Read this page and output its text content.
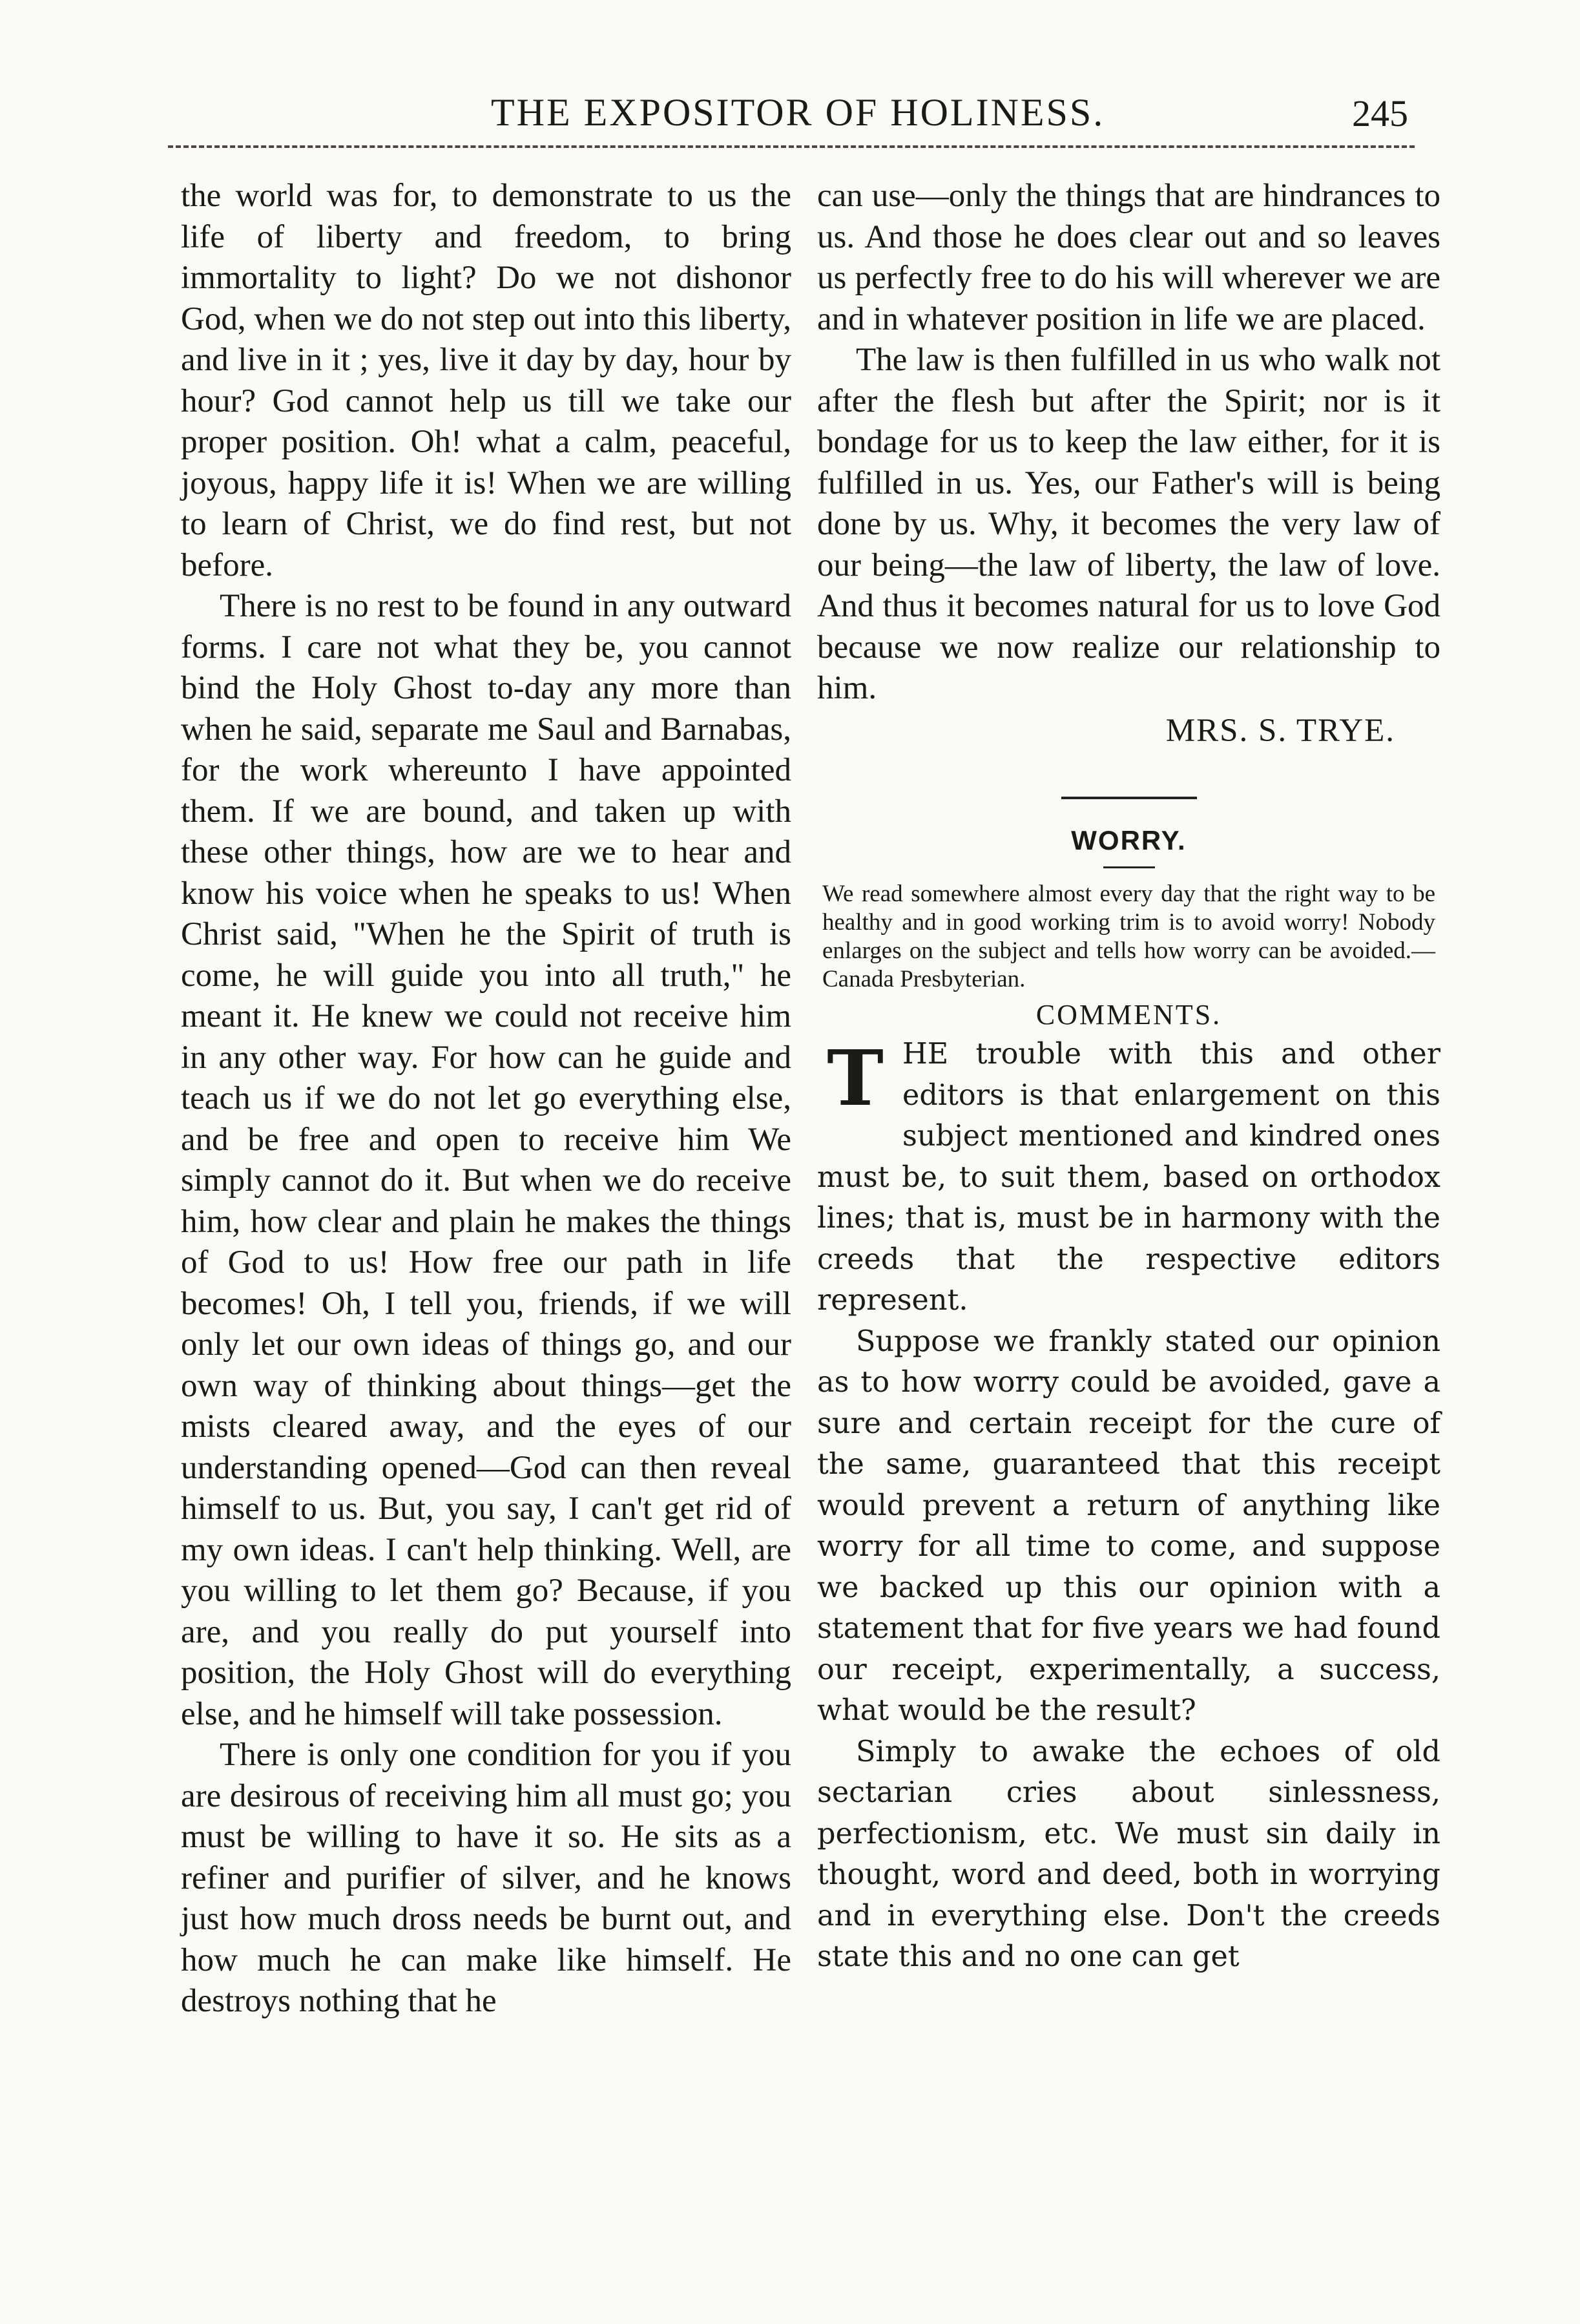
THE EXPOSITOR OF HOLINESS.	245

the world was for, to demonstrate to us the life of liberty and freedom, to bring immortality to light? Do we not dishonor God, when we do not step out into this liberty, and live in it ; yes, live it day by day, hour by hour? God cannot help us till we take our proper position. Oh! what a calm, peaceful, joyous, happy life it is! When we are willing to learn of Christ, we do find rest, but not before.

There is no rest to be found in any outward forms. I care not what they be, you cannot bind the Holy Ghost to-day any more than when he said, separate me Saul and Barnabas, for the work whereunto I have appointed them. If we are bound, and taken up with these other things, how are we to hear and know his voice when he speaks to us! When Christ said, "When he the Spirit of truth is come, he will guide you into all truth," he meant it. He knew we could not receive him in any other way. For how can he guide and teach us if we do not let go everything else, and be free and open to receive him We simply cannot do it. But when we do receive him, how clear and plain he makes the things of God to us! How free our path in life becomes! Oh, I tell you, friends, if we will only let our own ideas of things go, and our own way of thinking about things—get the mists cleared away, and the eyes of our understanding opened—God can then reveal himself to us. But, you say, I can't get rid of my own ideas. I can't help thinking. Well, are you willing to let them go? Because, if you are, and you really do put yourself into position, the Holy Ghost will do everything else, and he himself will take possession.

There is only one condition for you if you are desirous of receiving him all must go; you must be willing to have it so. He sits as a refiner and purifier of silver, and he knows just how much dross needs be burnt out, and how much he can make like himself. He destroys nothing that he

can use—only the things that are hindrances to us. And those he does clear out and so leaves us perfectly free to do his will wherever we are and in whatever position in life we are placed.

The law is then fulfilled in us who walk not after the flesh but after the Spirit; nor is it bondage for us to keep the law either, for it is fulfilled in us. Yes, our Father's will is being done by us. Why, it becomes the very law of our being—the law of liberty, the law of love. And thus it becomes natural for us to love God because we now realize our relationship to him.

MRS. S. TRYE.

WORRY.

We read somewhere almost every day that the right way to be healthy and in good working trim is to avoid worry! Nobody enlarges on the subject and tells how worry can be avoided.—Canada Presbyterian.

COMMENTS.

THE trouble with this and other editors is that enlargement on this subject mentioned and kindred ones must be, to suit them, based on orthodox lines; that is, must be in harmony with the creeds that the respective editors represent.

Suppose we frankly stated our opinion as to how worry could be avoided, gave a sure and certain receipt for the cure of the same, guaranteed that this receipt would prevent a return of anything like worry for all time to come, and suppose we backed up this our opinion with a statement that for five years we had found our receipt, experimentally, a success, what would be the result?

Simply to awake the echoes of old sectarian cries about sinlessness, perfectionism, etc. We must sin daily in thought, word and deed, both in worrying and in everything else. Don't the creeds state this and no one can get
